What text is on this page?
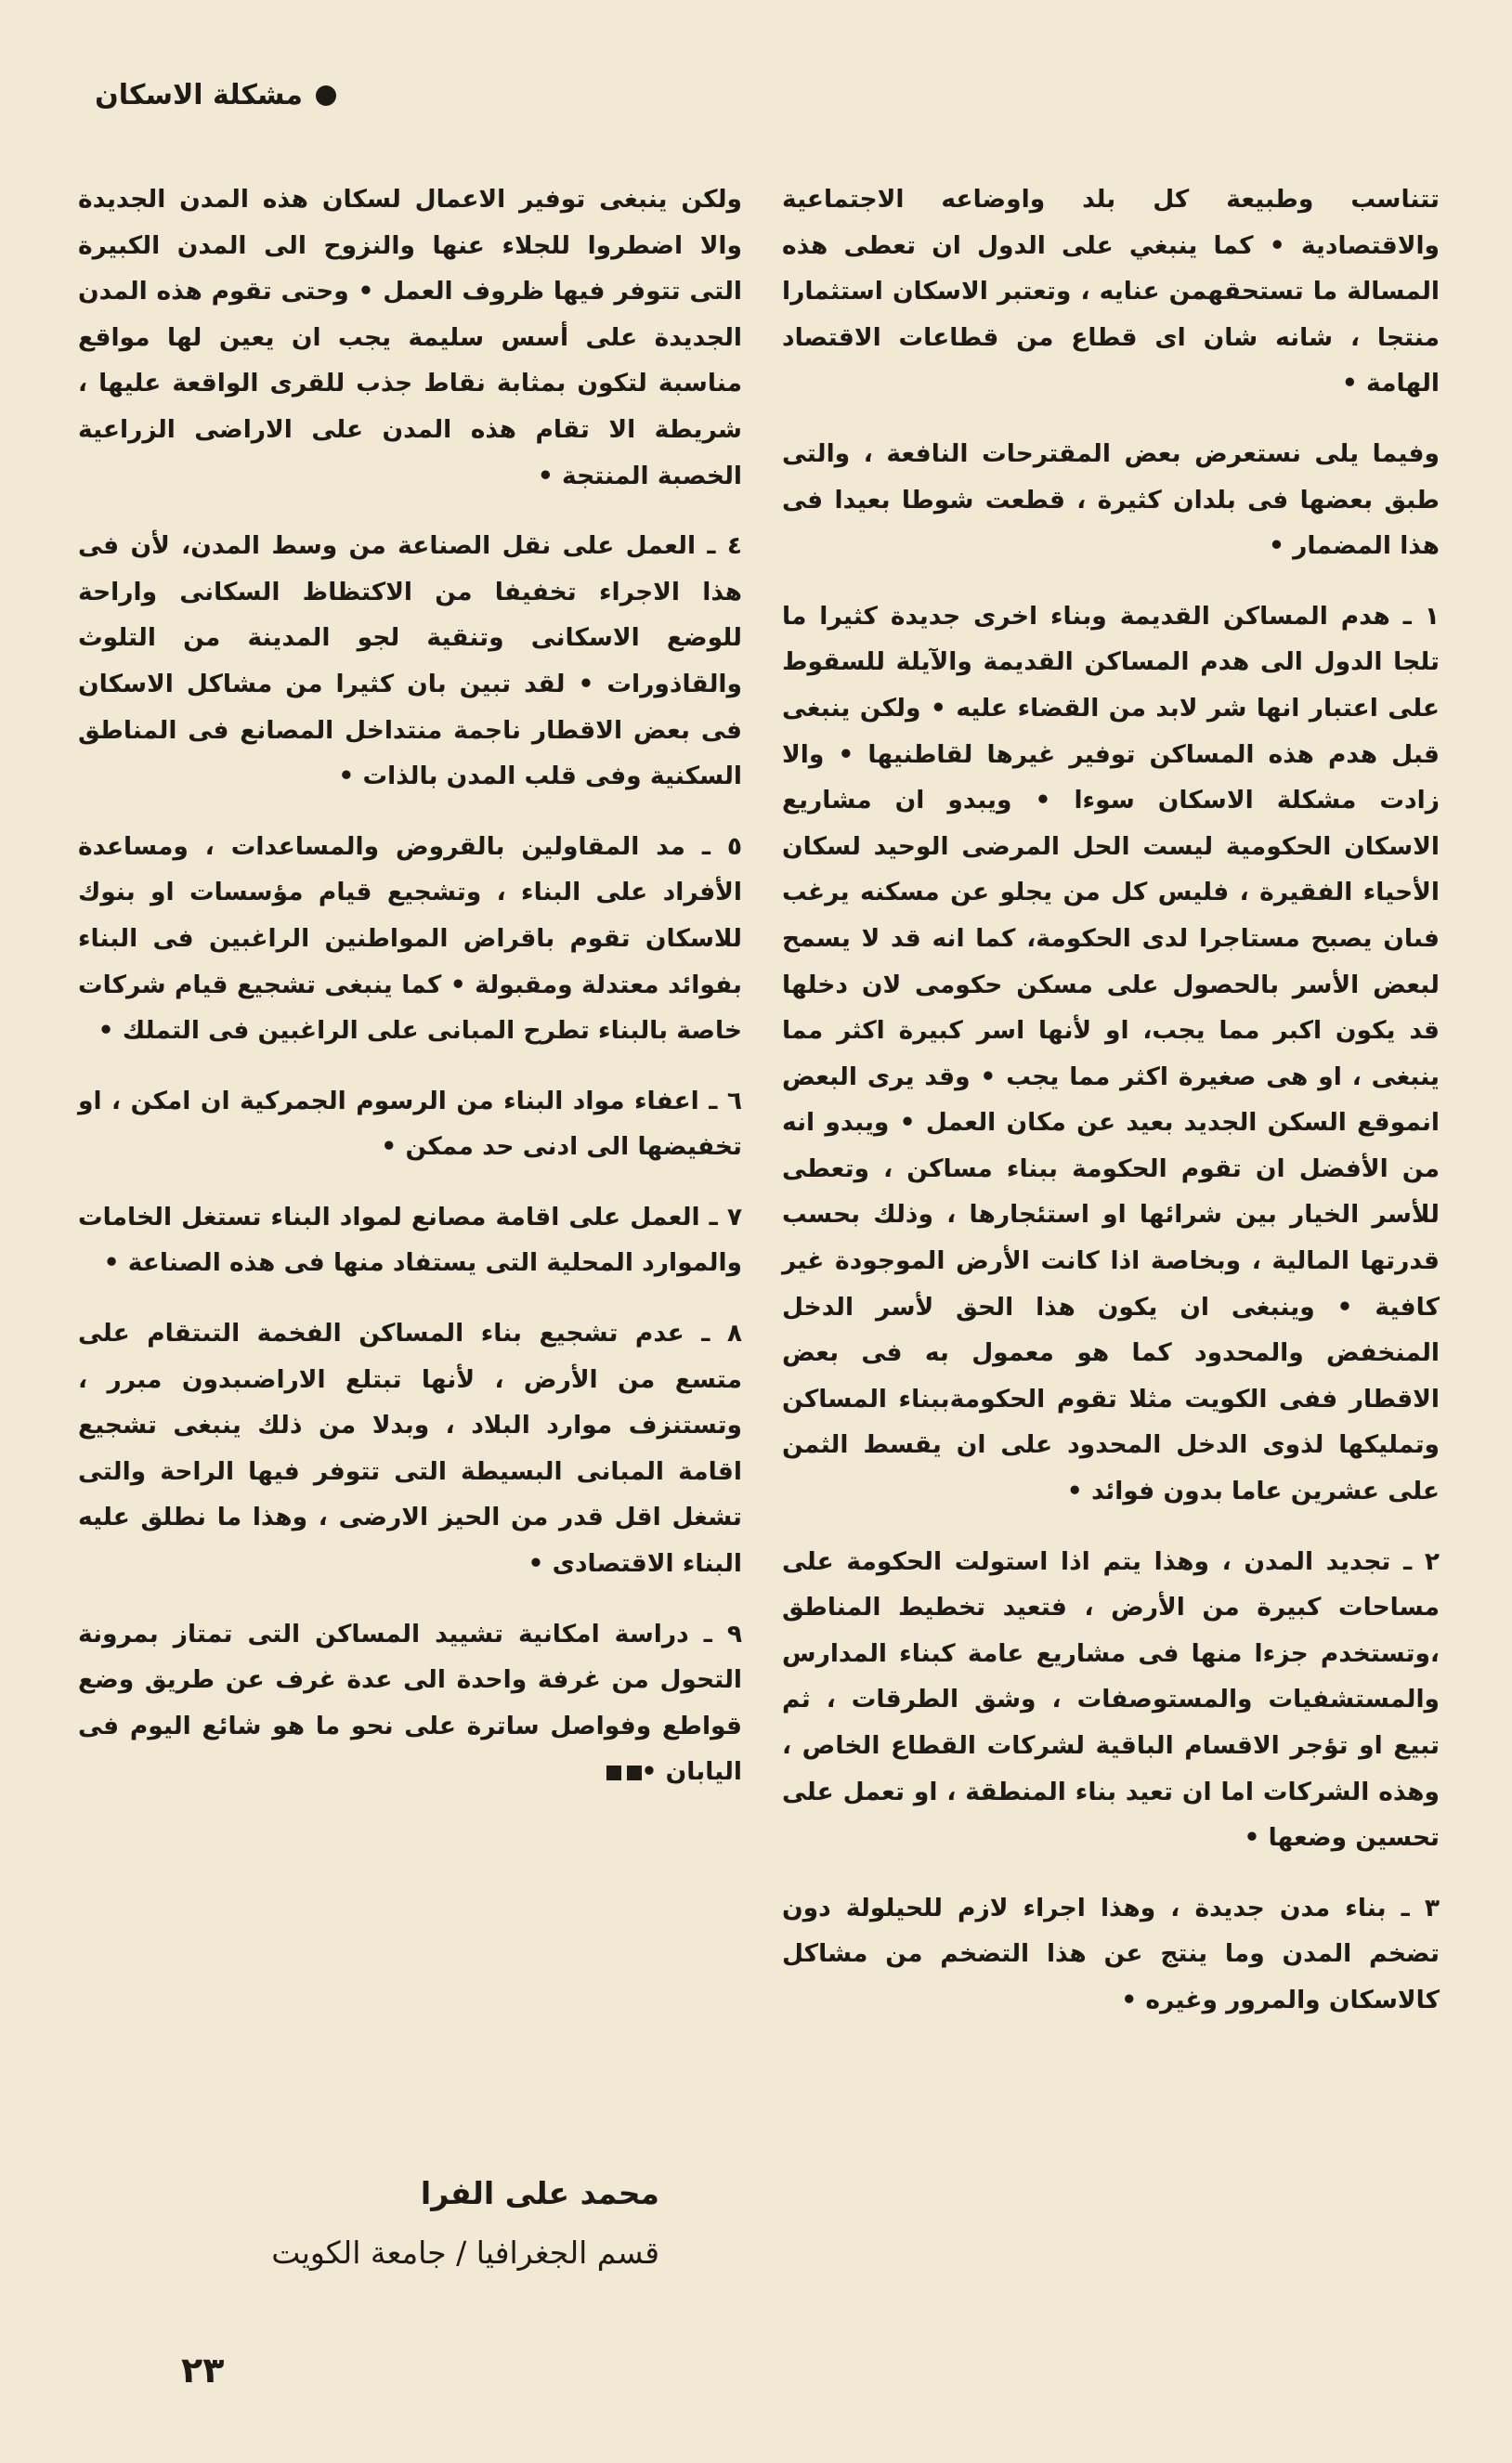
مشكلة الاسكان

تتناسب وطبيعة كل بلد واوضاعه الاجتماعية والاقتصادية • كما ينبغي على الدول ان تعطى هذه المسالة ما تستحقهمن عنايه ، وتعتبر الاسكان استثمارا منتجا ، شانه شان اى قطاع من قطاعات الاقتصاد الهامة •

وفيما يلى نستعرض بعض المقترحات النافعة ، والتى طبق بعضها فى بلدان كثيرة ، قطعت شوطا بعيدا فى هذا المضمار •

١ ـ هدم المساكن القديمة وبناء اخرى جديدة كثيرا ما تلجا الدول الى هدم المساكن القديمة والآيلة للسقوط على اعتبار انها شر لابد من القضاء عليه • ولكن ينبغى قبل هدم هذه المساكن توفير غيرها لقاطنيها • والا زادت مشكلة الاسكان سوءا • ويبدو ان مشاريع الاسكان الحكومية ليست الحل المرضى الوحيد لسكان الأحياء الفقيرة ، فليس كل من يجلو عن مسكنه يرغب فىان يصبح مستاجرا لدى الحكومة، كما انه قد لا يسمح لبعض الأسر بالحصول على مسكن حكومى لان دخلها قد يكون اكبر مما يجب، او لأنها اسر كبيرة اكثر مما ينبغى ، او هى صغيرة اكثر مما يجب • وقد يرى البعض انموقع السكن الجديد بعيد عن مكان العمل • ويبدو انه من الأفضل ان تقوم الحكومة ببناء مساكن ، وتعطى للأسر الخيار بين شرائها او استئجارها ، وذلك بحسب قدرتها المالية ، وبخاصة اذا كانت الأرض الموجودة غير كافية • وينبغى ان يكون هذا الحق لأسر الدخل المنخفض والمحدود كما هو معمول به فى بعض الاقطار ففى الكويت مثلا تقوم الحكومةببناء المساكن وتمليكها لذوى الدخل المحدود على ان يقسط الثمن على عشرين عاما بدون فوائد •

٢ ـ تجديد المدن ، وهذا يتم اذا استولت الحكومة على مساحات كبيرة من الأرض ، فتعيد تخطيط المناطق ،وتستخدم جزءا منها فى مشاريع عامة كبناء المدارس والمستشفيات والمستوصفات ، وشق الطرقات ، ثم تبيع او تؤجر الاقسام الباقية لشركات القطاع الخاص ، وهذه الشركات اما ان تعيد بناء المنطقة ، او تعمل على تحسين وضعها •

٣ ـ بناء مدن جديدة ، وهذا اجراء لازم للحيلولة دون تضخم المدن وما ينتج عن هذا التضخم من مشاكل كالاسكان والمرور وغيره •

ولكن ينبغى توفير الاعمال لسكان هذه المدن الجديدة والا اضطروا للجلاء عنها والنزوح الى المدن الكبيرة التى تتوفر فيها ظروف العمل • وحتى تقوم هذه المدن الجديدة على أسس سليمة يجب ان يعين لها مواقع مناسبة لتكون بمثابة نقاط جذب للقرى الواقعة عليها ، شريطة الا تقام هذه المدن على الاراضى الزراعية الخصبة المنتجة •

٤ ـ العمل على نقل الصناعة من وسط المدن، لأن فى هذا الاجراء تخفيفا من الاكتظاظ السكانى واراحة للوضع الاسكانى وتنقية لجو المدينة من التلوث والقاذورات • لقد تبين بان كثيرا من مشاكل الاسكان فى بعض الاقطار ناجمة منتداخل المصانع فى المناطق السكنية وفى قلب المدن بالذات •

٥ ـ مد المقاولين بالقروض والمساعدات ، ومساعدة الأفراد على البناء ، وتشجيع قيام مؤسسات او بنوك للاسكان تقوم باقراض المواطنين الراغبين فى البناء بفوائد معتدلة ومقبولة • كما ينبغى تشجيع قيام شركات خاصة بالبناء تطرح المبانى على الراغبين فى التملك •

٦ ـ اعفاء مواد البناء من الرسوم الجمركية ان امكن ، او تخفيضها الى ادنى حد ممكن •

٧ ـ العمل على اقامة مصانع لمواد البناء تستغل الخامات والموارد المحلية التى يستفاد منها فى هذه الصناعة •

٨ ـ عدم تشجيع بناء المساكن الفخمة التىتقام على متسع من الأرض ، لأنها تبتلع الاراضىبدون مبرر ، وتستنزف موارد البلاد ، وبدلا من ذلك ينبغى تشجيع اقامة المبانى البسيطة التى تتوفر فيها الراحة والتى تشغل اقل قدر من الحيز الارضى ، وهذا ما نطلق عليه البناء الاقتصادى •

٩ ـ دراسة امكانية تشييد المساكن التى تمتاز بمرونة التحول من غرفة واحدة الى عدة غرف عن طريق وضع قواطع وفواصل ساترة على نحو ما هو شائع اليوم فى اليابان •

محمد على الفرا
قسم الجغرافيا / جامعة الكويت
٢٣
